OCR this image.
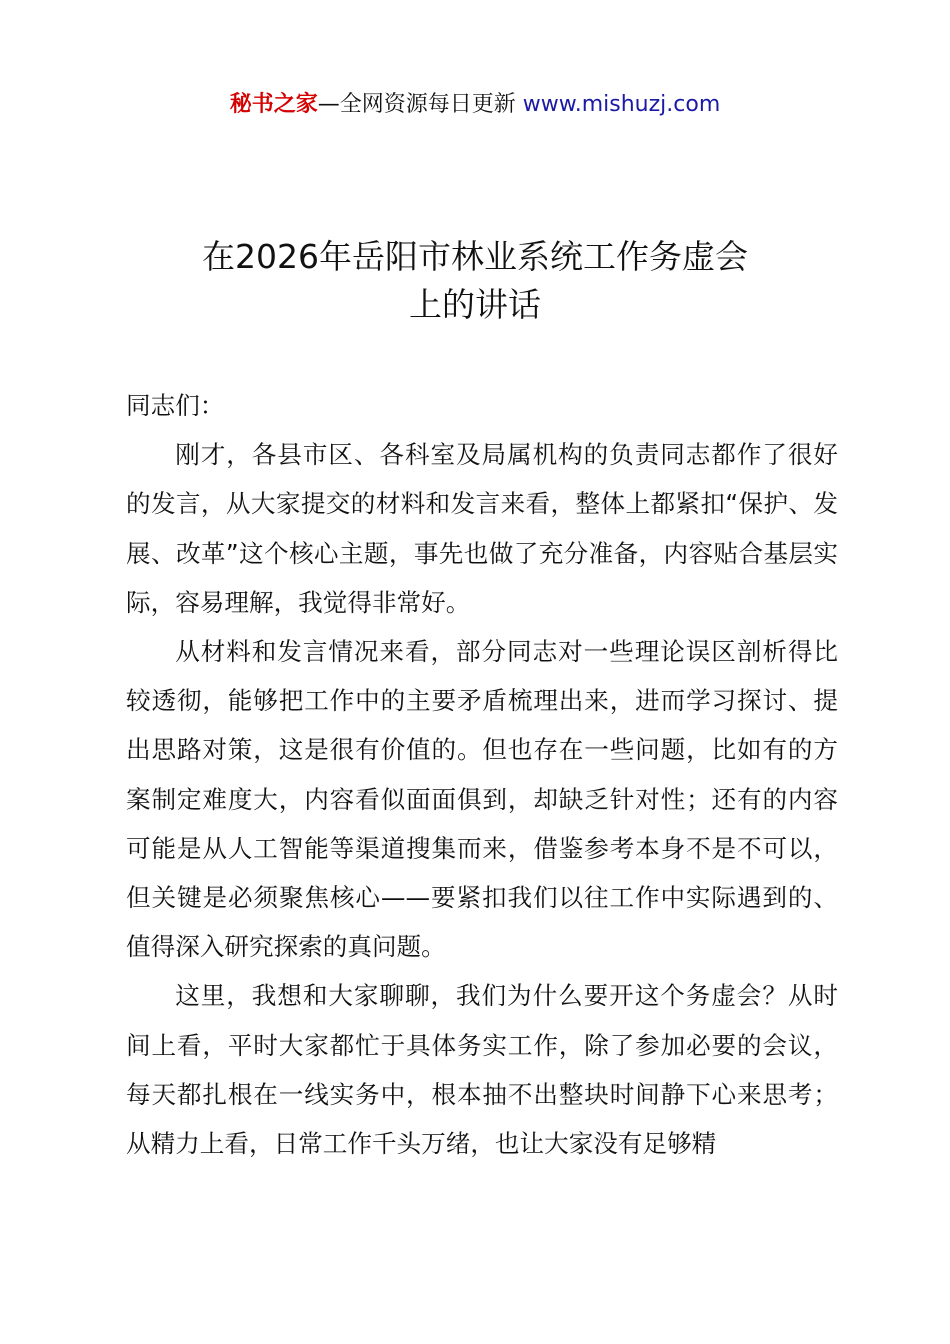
秘书之家—全网资源每日更新 www.mishuzj.com
在2026年岳阳市林业系统工作务虚会
上的讲话

同志们：

刚才，各县市区、各科室及局属机构的负责同志都作了很好的发言，从大家提交的材料和发言来看，整体上都紧扣“保护、发展、改革”这个核心主题，事先也做了充分准备，内容贴合基层实际，容易理解，我觉得非常好。

从材料和发言情况来看，部分同志对一些理论误区剖析得比较透彻，能够把工作中的主要矛盾梳理出来，进而学习探讨、提出思路对策，这是很有价值的。但也存在一些问题，比如有的方案制定难度大，内容看似面面俱到，却缺乏针对性；还有的内容可能是从人工智能等渠道搜集而来，借鉴参考本身不是不可以，但关键是必须聚焦核心——要紧扣我们以往工作中实际遇到的、值得深入研究探索的真问题。

这里，我想和大家聊聊，我们为什么要开这个务虚会？从时间上看，平时大家都忙于具体务实工作，除了参加必要的会议，每天都扎根在一线实务中，根本抽不出整块时间静下心来思考；从精力上看，日常工作千头万绪，也让大家没有足够精
